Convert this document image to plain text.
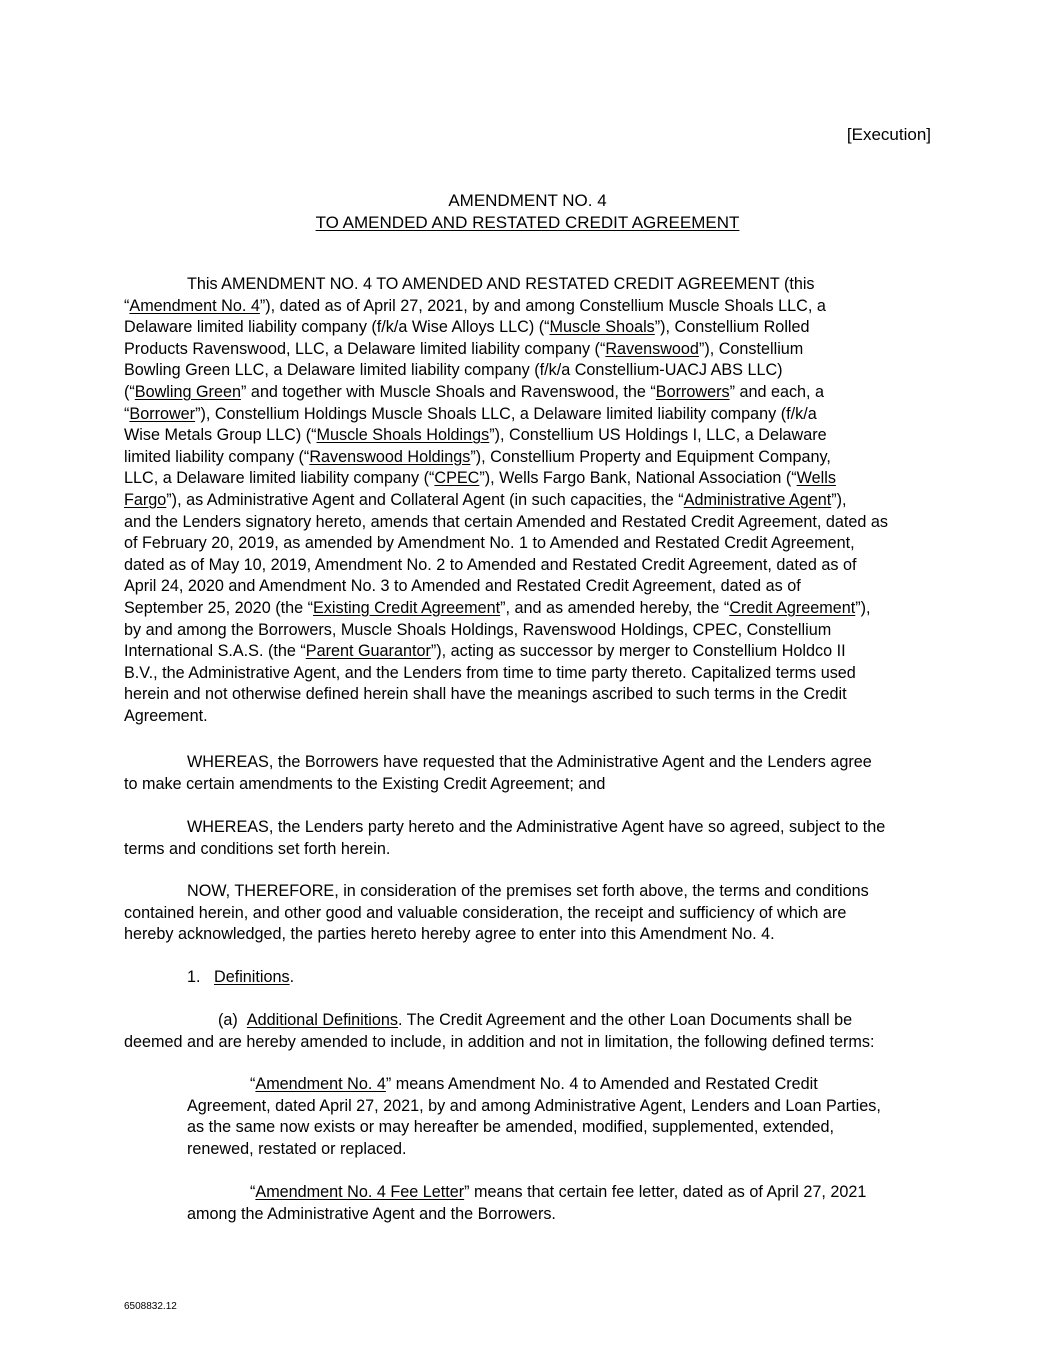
[Execution]
AMENDMENT NO. 4
TO AMENDED AND RESTATED CREDIT AGREEMENT
This AMENDMENT NO. 4 TO AMENDED AND RESTATED CREDIT AGREEMENT (this
“Amendment No. 4”), dated as of April 27, 2021, by and among Constellium Muscle Shoals LLC, a
Delaware limited liability company (f/k/a Wise Alloys LLC) (“Muscle Shoals”), Constellium Rolled
Products Ravenswood, LLC, a Delaware limited liability company (“Ravenswood”), Constellium
Bowling Green LLC, a Delaware limited liability company (f/k/a Constellium-UACJ ABS LLC)
(“Bowling Green” and together with Muscle Shoals and Ravenswood, the “Borrowers” and each, a
“Borrower”), Constellium Holdings Muscle Shoals LLC, a Delaware limited liability company (f/k/a
Wise Metals Group LLC) (“Muscle Shoals Holdings”), Constellium US Holdings I, LLC, a Delaware
limited liability company (“Ravenswood Holdings”), Constellium Property and Equipment Company,
LLC, a Delaware limited liability company (“CPEC”), Wells Fargo Bank, National Association (“Wells
Fargo”), as Administrative Agent and Collateral Agent (in such capacities, the “Administrative Agent”),
and the Lenders signatory hereto, amends that certain Amended and Restated Credit Agreement, dated as
of February 20, 2019, as amended by Amendment No. 1 to Amended and Restated Credit Agreement,
dated as of May 10, 2019, Amendment No. 2 to Amended and Restated Credit Agreement, dated as of
April 24, 2020 and Amendment No. 3 to Amended and Restated Credit Agreement, dated as of
September 25, 2020 (the “Existing Credit Agreement”, and as amended hereby, the “Credit Agreement”),
by and among the Borrowers, Muscle Shoals Holdings, Ravenswood Holdings, CPEC, Constellium
International S.A.S. (the “Parent Guarantor”), acting as successor by merger to Constellium Holdco II
B.V., the Administrative Agent, and the Lenders from time to time party thereto. Capitalized terms used
herein and not otherwise defined herein shall have the meanings ascribed to such terms in the Credit
Agreement.
WHEREAS, the Borrowers have requested that the Administrative Agent and the Lenders agree
to make certain amendments to the Existing Credit Agreement; and
WHEREAS, the Lenders party hereto and the Administrative Agent have so agreed, subject to the
terms and conditions set forth herein.
NOW, THEREFORE, in consideration of the premises set forth above, the terms and conditions
contained herein, and other good and valuable consideration, the receipt and sufficiency of which are
hereby acknowledged, the parties hereto hereby agree to enter into this Amendment No. 4.
1. Definitions.
(a) Additional Definitions. The Credit Agreement and the other Loan Documents shall be
deemed and are hereby amended to include, in addition and not in limitation, the following defined terms:
“Amendment No. 4” means Amendment No. 4 to Amended and Restated Credit
Agreement, dated April 27, 2021, by and among Administrative Agent, Lenders and Loan Parties,
as the same now exists or may hereafter be amended, modified, supplemented, extended,
renewed, restated or replaced.
“Amendment No. 4 Fee Letter” means that certain fee letter, dated as of April 27, 2021
among the Administrative Agent and the Borrowers.
6508832.12
